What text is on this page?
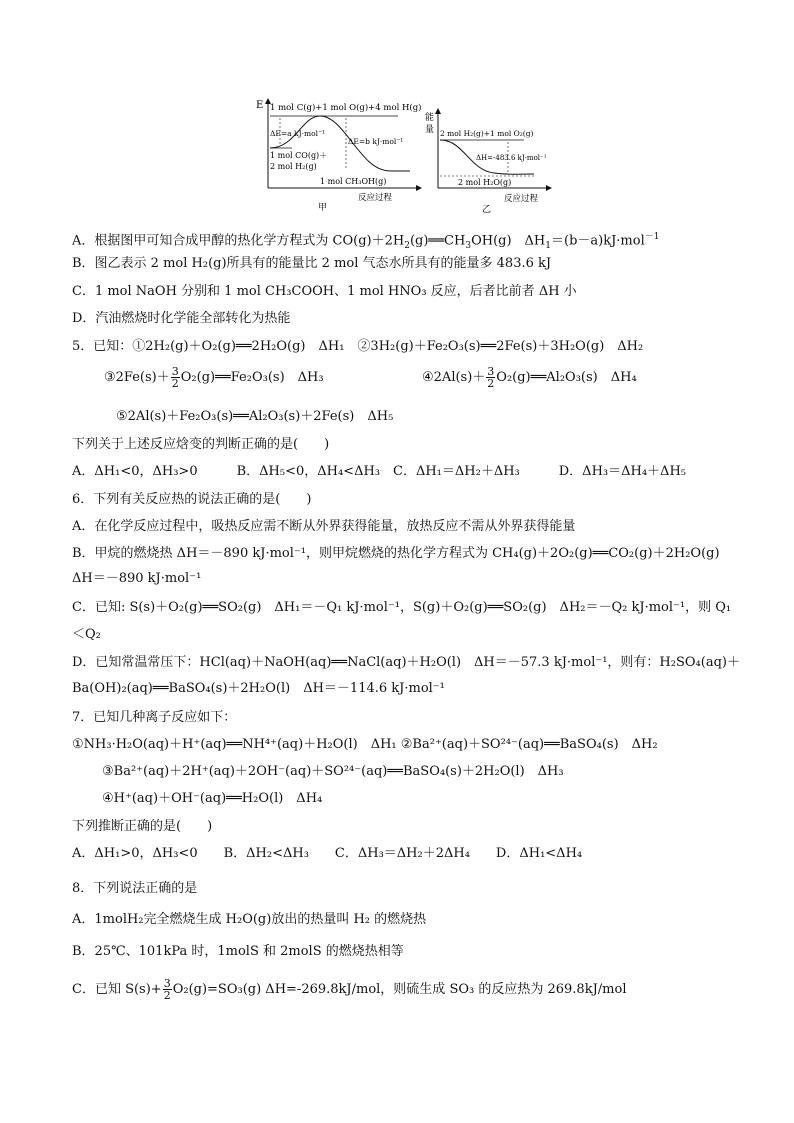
E 1 mol C(g)+1 mol O(g)+4 mol H(g)
ΔE=a kJ·mol⁻¹
ΔE=b kJ·mol⁻¹
1 mol CO(g)＋
2 mol H₂(g)
1 mol CH₃OH(g)
反应过程
甲
能
量 2 mol H₂(g)+1 mol O₂(g)
ΔH=-483.6 kJ·mol⁻¹
2 mol H₂O(g)
反应过程
乙
A．根据图甲可知合成甲醇的热化学方程式为 $CO(g)+2H_2(g)══CH_3OH(g)$　$\Delta H_1=(b-a)kJ\cdot mol^{-1}$
B．图乙表示 2 mol H₂(g)所具有的能量比 2 mol 气态水所具有的能量多 483.6 kJ
C．1 mol NaOH 分别和 1 mol CH₃COOH、1 mol HNO₃ 反应，后者比前者 ΔH 小
D．汽油燃烧时化学能全部转化为热能
5．已知：①2H₂(g)＋O₂(g)══2H₂O(g)　ΔH₁　②3H₂(g)＋Fe₂O₃(s)══2Fe(s)＋3H₂O(g)　ΔH₂
③2Fe(s)＋ $\frac{3}{2}$ O₂(g)══Fe₂O₃(s)　ΔH₃	④2Al(s)＋ $\frac{3}{2}$ O₂(g)══Al₂O₃(s)　ΔH₄
⑤2Al(s)＋Fe₂O₃(s)══Al₂O₃(s)＋2Fe(s)　ΔH₅
下列关于上述反应焓变的判断正确的是(　　)
A．ΔH₁<0，ΔH₃>0　　　B．ΔH₅<0，ΔH₄<ΔH₃　C．ΔH₁＝ΔH₂＋ΔH₃　　　D．ΔH₃＝ΔH₄＋ΔH₅
6．下列有关反应热的说法正确的是(　　)
A．在化学反应过程中，吸热反应需不断从外界获得能量，放热反应不需从外界获得能量
B．甲烷的燃烧热 ΔH＝－890 kJ·mol⁻¹，则甲烷燃烧的热化学方程式为 CH₄(g)＋2O₂(g)══CO₂(g)＋2H₂O(g)
ΔH＝－890 kJ·mol⁻¹
C．已知: S(s)＋O₂(g)══SO₂(g)　ΔH₁＝－Q₁ kJ·mol⁻¹，S(g)＋O₂(g)══SO₂(g)　ΔH₂＝－Q₂ kJ·mol⁻¹，则 Q₁
＜Q₂
D．已知常温常压下：HCl(aq)＋NaOH(aq)══NaCl(aq)＋H₂O(l)　ΔH＝－57.3 kJ·mol⁻¹，则有：H₂SO₄(aq)＋
Ba(OH)₂(aq)══BaSO₄(s)＋2H₂O(l)　ΔH＝－114.6 kJ·mol⁻¹
7．已知几种离子反应如下：
①NH₃·H₂O(aq)＋H⁺(aq)══NH⁴⁺(aq)＋H₂O(l)　ΔH₁ ②Ba²⁺(aq)＋SO²⁴⁻(aq)══BaSO₄(s)　ΔH₂
③Ba²⁺(aq)＋2H⁺(aq)＋2OH⁻(aq)＋SO²⁴⁻(aq)══BaSO₄(s)＋2H₂O(l)　ΔH₃
④H⁺(aq)＋OH⁻(aq)══H₂O(l)　ΔH₄
下列推断正确的是(　　)
A．ΔH₁>0，ΔH₃<0　　B．ΔH₂<ΔH₃　　C．ΔH₃＝ΔH₂＋2ΔH₄　　D．ΔH₁<ΔH₄
8．下列说法正确的是
A．1molH₂完全燃烧生成 H₂O(g)放出的热量叫 H₂ 的燃烧热
B．25℃、101kPa 时，1molS 和 2molS 的燃烧热相等
C．已知 $S(s)+ \frac{3}{2} O_2(g)=SO_3(g)$ ΔH=-269.8kJ/mol，则硫生成 SO₃ 的反应热为 269.8kJ/mol
